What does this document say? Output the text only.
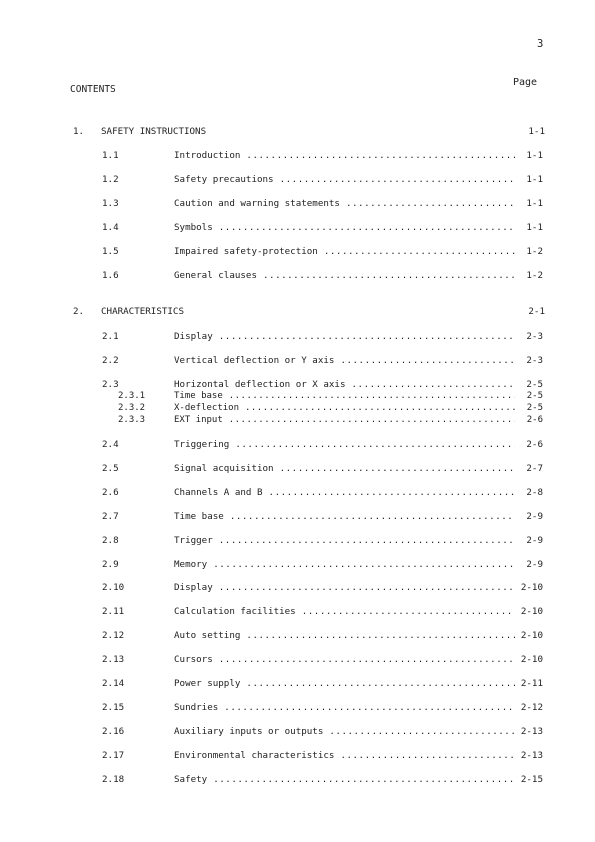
3
Page
CONTENTS
1. SAFETY INSTRUCTIONS	1-1
1.1	Introduction .....	1-1
1.2	Safety precautions .....	1-1
1.3	Caution and warning statements .....	1-1
1.4	Symbols .....	1-1
1.5	Impaired safety-protection .....	1-2
1.6	General clauses .....	1-2
2. CHARACTERISTICS	2-1
2.1	Display .....	2-3
2.2	Vertical deflection or Y axis .....	2-3
2.3	Horizontal deflection or X axis .....	2-5
2.3.1	Time base .....	2-5
2.3.2	X-deflection .....	2-5
2.3.3	EXT input .....	2-6
2.4	Triggering .....	2-6
2.5	Signal acquisition .....	2-7
2.6	Channels A and B .....	2-8
2.7	Time base .....	2-9
2.8	Trigger .....	2-9
2.9	Memory .....	2-9
2.10	Display .....	2-10
2.11	Calculation facilities .....	2-10
2.12	Auto setting .....	2-10
2.13	Cursors .....	2-10
2.14	Power supply .....	2-11
2.15	Sundries .....	2-12
2.16	Auxiliary inputs or outputs .....	2-13
2.17	Environmental characteristics .....	2-13
2.18	Safety .....	2-15
